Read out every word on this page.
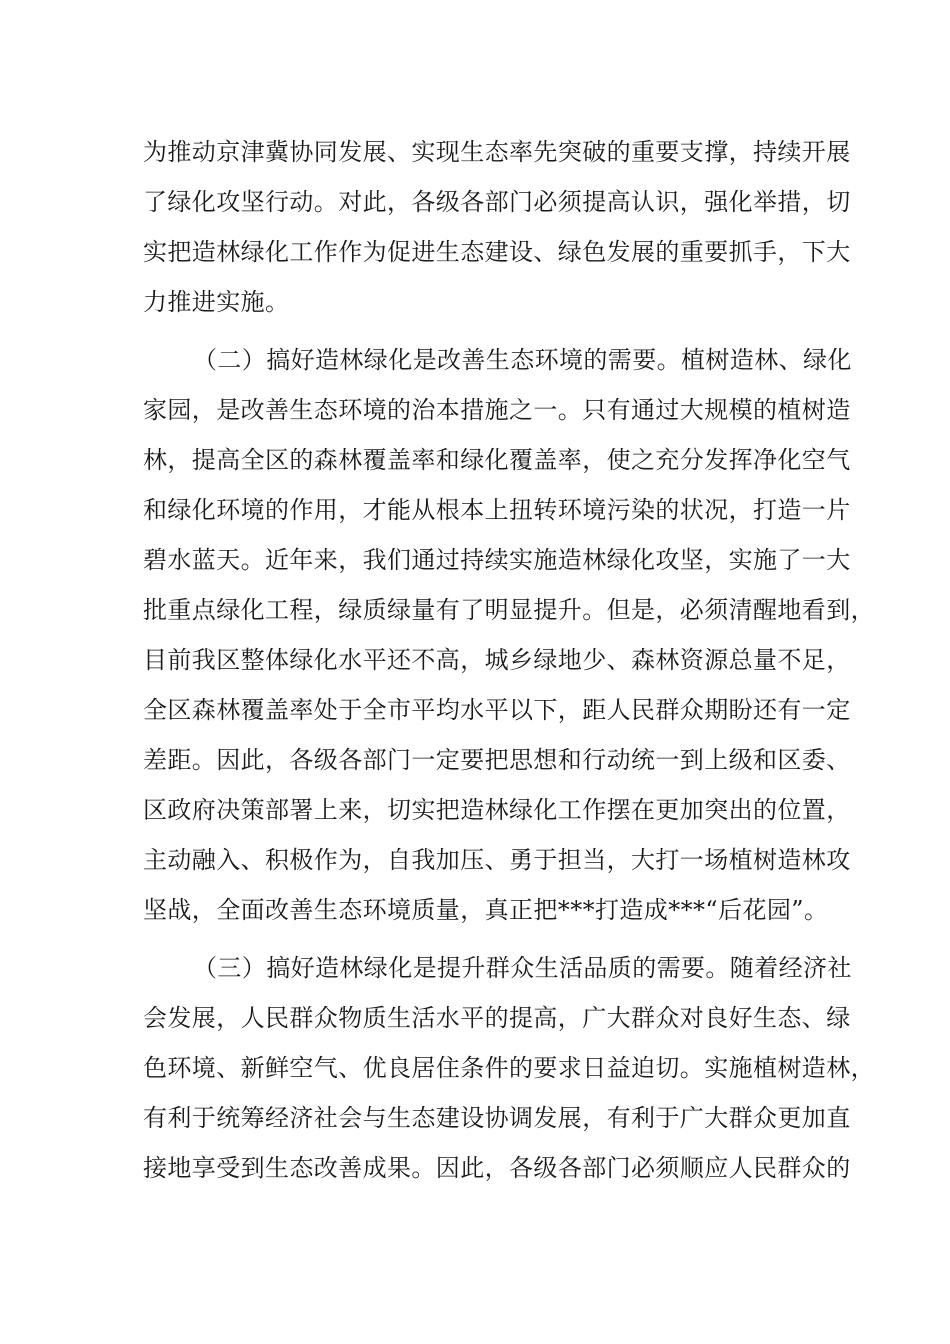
为推动京津冀协同发展、实现生态率先突破的重要支撑，持续开展
了绿化攻坚行动。对此，各级各部门必须提高认识，强化举措，切
实把造林绿化工作作为促进生态建设、绿色发展的重要抓手，下大
力推进实施。
（二）搞好造林绿化是改善生态环境的需要。植树造林、绿化
家园，是改善生态环境的治本措施之一。只有通过大规模的植树造
林，提高全区的森林覆盖率和绿化覆盖率，使之充分发挥净化空气
和绿化环境的作用，才能从根本上扭转环境污染的状况，打造一片
碧水蓝天。近年来，我们通过持续实施造林绿化攻坚，实施了一大
批重点绿化工程，绿质绿量有了明显提升。但是，必须清醒地看到，
目前我区整体绿化水平还不高，城乡绿地少、森林资源总量不足，
全区森林覆盖率处于全市平均水平以下，距人民群众期盼还有一定
差距。因此，各级各部门一定要把思想和行动统一到上级和区委、
区政府决策部署上来，切实把造林绿化工作摆在更加突出的位置，
主动融入、积极作为，自我加压、勇于担当，大打一场植树造林攻
坚战，全面改善生态环境质量，真正把***打造成***“后花园”。
（三）搞好造林绿化是提升群众生活品质的需要。随着经济社
会发展，人民群众物质生活水平的提高，广大群众对良好生态、绿
色环境、新鲜空气、优良居住条件的要求日益迫切。实施植树造林，
有利于统筹经济社会与生态建设协调发展，有利于广大群众更加直
接地享受到生态改善成果。因此，各级各部门必须顺应人民群众的
